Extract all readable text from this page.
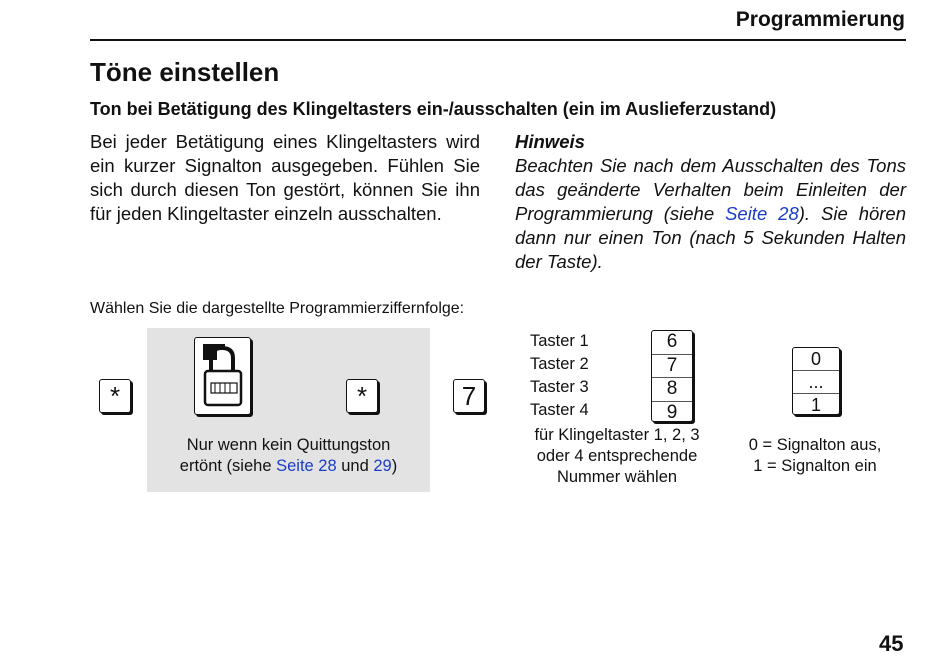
Programmierung
Töne einstellen
Ton bei Betätigung des Klingeltasters ein-/ausschalten (ein im Auslieferzustand)
Bei jeder Betätigung eines Klingeltasters wird ein kurzer Signalton ausgegeben. Fühlen Sie sich durch diesen Ton gestört, können Sie ihn für jeden Klingeltaster einzeln ausschalten.
Hinweis
Beachten Sie nach dem Ausschalten des Tons das geänderte Verhalten beim Einleiten der Programmierung (siehe Seite 28). Sie hören dann nur einen Ton (nach 5 Sekunden Halten der Taste).
Wählen Sie die dargestellte Programmierziffernfolge:
*	*
Nur wenn kein Quittungston
ertönt (siehe Seite 28 und 29)
7
Taster 1
Taster 2
Taster 3
Taster 4
6
7
8
9
für Klingeltaster 1, 2, 3
oder 4 entsprechende
Nummer wählen
0
...
1
0 = Signalton aus,
1 = Signalton ein
45
